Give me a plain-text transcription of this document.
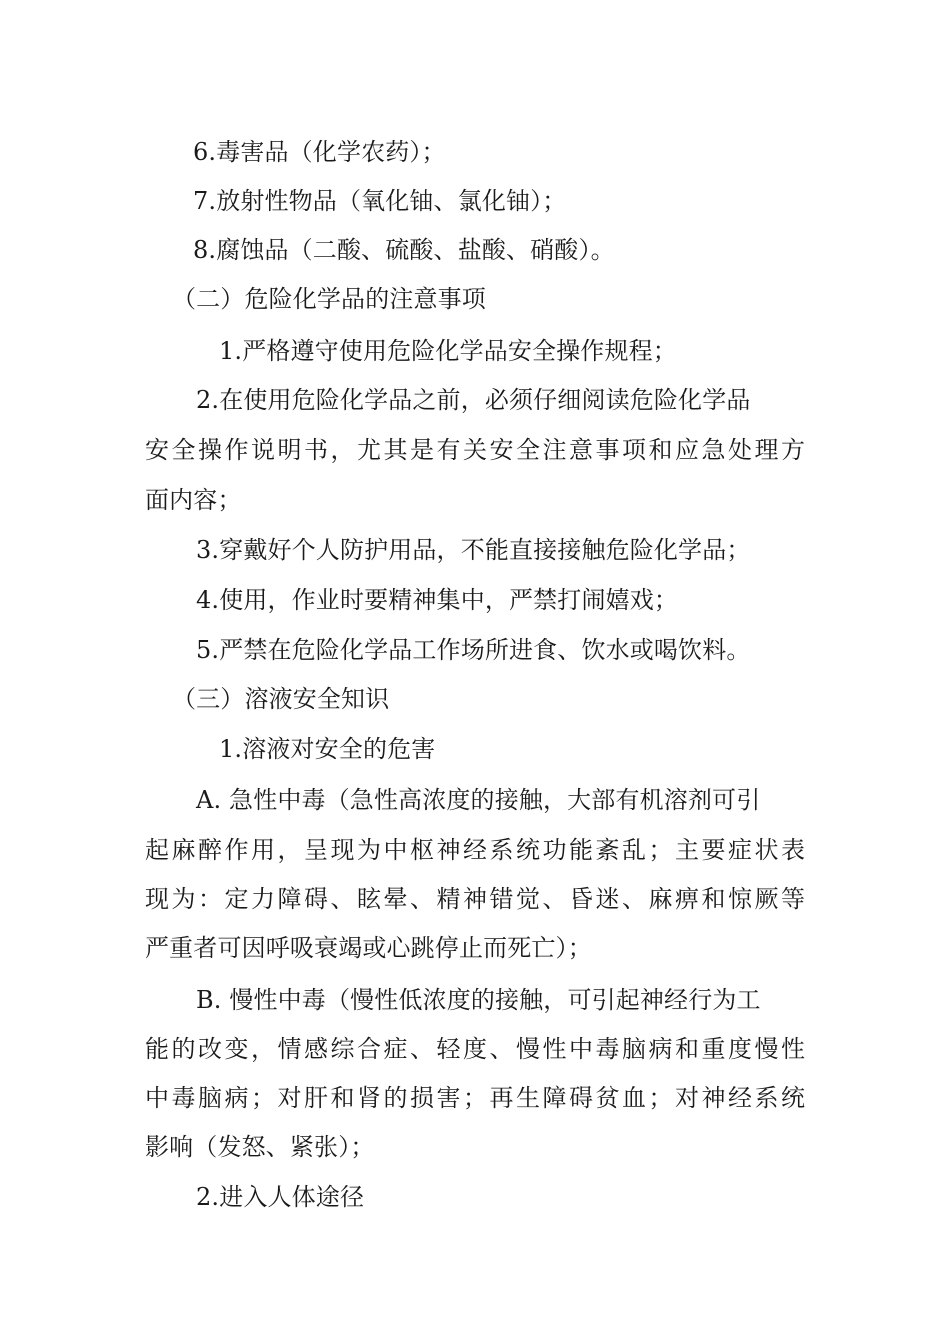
6.毒害品（化学农药）；
7.放射性物品（氧化铀、氯化铀）；
8.腐蚀品（二酸、硫酸、盐酸、硝酸）。
（二）危险化学品的注意事项
1.严格遵守使用危险化学品安全操作规程；
2.在使用危险化学品之前，必须仔细阅读危险化学品
安全操作说明书，尤其是有关安全注意事项和应急处理方
面内容；
3.穿戴好个人防护用品，不能直接接触危险化学品；
4.使用，作业时要精神集中，严禁打闹嬉戏；
5.严禁在危险化学品工作场所进食、饮水或喝饮料。
（三）溶液安全知识
1.溶液对安全的危害
A. 急性中毒（急性高浓度的接触，大部有机溶剂可引
起麻醉作用，呈现为中枢神经系统功能紊乱；主要症状表
现为：定力障碍、眩晕、精神错觉、昏迷、麻痹和惊厥等
严重者可因呼吸衰竭或心跳停止而死亡）；
B. 慢性中毒（慢性低浓度的接触，可引起神经行为工
能的改变，情感综合症、轻度、慢性中毒脑病和重度慢性
中毒脑病；对肝和肾的损害；再生障碍贫血；对神经系统
影响（发怒、紧张）；
2.进入人体途径
